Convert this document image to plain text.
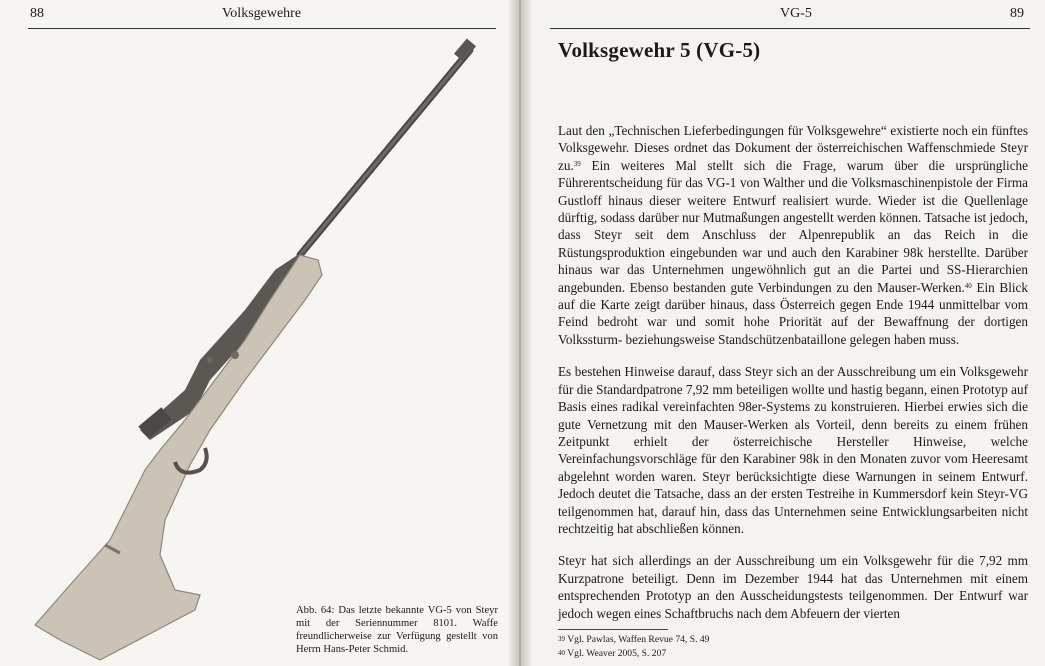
88	Volksgewehre
Abb. 64: Das letzte bekannte VG-5 von Steyr mit der Seriennummer 8101. Waffe freundlicherweise zur Verfügung gestellt von Herrn Hans-Peter Schmid.
VG-5	89
Volksgewehr 5 (VG-5)

Laut den „Technischen Lieferbedingungen für Volksgewehre“ existierte noch ein fünftes Volksgewehr. Dieses ordnet das Dokument der österreichischen Waffenschmiede Steyr zu.$^{39}$ Ein weiteres Mal stellt sich die Frage, warum über die ursprüngliche Führerentscheidung für das VG-1 von Walther und die Volksmaschinenpistole der Firma Gustloff hinaus dieser weitere Entwurf realisiert wurde. Wieder ist die Quellenlage dürftig, sodass darüber nur Mutmaßungen angestellt werden können. Tatsache ist jedoch, dass Steyr seit dem Anschluss der Alpenrepublik an das Reich in die Rüstungsproduktion eingebunden war und auch den Karabiner 98k herstellte. Darüber hinaus war das Unternehmen ungewöhnlich gut an die Partei und SS-Hierarchien angebunden. Ebenso bestanden gute Verbindungen zu den Mauser-Werken.$^{40}$ Ein Blick auf die Karte zeigt darüber hinaus, dass Österreich gegen Ende 1944 unmittelbar vom Feind bedroht war und somit hohe Priorität auf der Bewaffnung der dortigen Volkssturm- beziehungsweise Standschützenbataillone gelegen haben muss.

Es bestehen Hinweise darauf, dass Steyr sich an der Ausschreibung um ein Volksgewehr für die Standardpatrone 7,92 mm beteiligen wollte und hastig begann, einen Prototyp auf Basis eines radikal vereinfachten 98er-Systems zu konstruieren. Hierbei erwies sich die gute Vernetzung mit den Mauser-Werken als Vorteil, denn bereits zu einem frühen Zeitpunkt erhielt der österreichische Hersteller Hinweise, welche Vereinfachungsvorschläge für den Karabiner 98k in den Monaten zuvor vom Heeresamt abgelehnt worden waren. Steyr berücksichtigte diese Warnungen in seinem Entwurf. Jedoch deutet die Tatsache, dass an der ersten Testreihe in Kummersdorf kein Steyr-VG teilgenommen hat, darauf hin, dass das Unternehmen seine Entwicklungsarbeiten nicht rechtzeitig hat abschließen können.

Steyr hat sich allerdings an der Ausschreibung um ein Volksgewehr für die 7,92 mm Kurzpatrone beteiligt. Denn im Dezember 1944 hat das Unternehmen mit einem entsprechenden Prototyp an den Ausscheidungstests teilgenommen. Der Entwurf war jedoch wegen eines Schaftbruchs nach dem Abfeuern der vierten

$^{39}$ Vgl. Pawlas, Waffen Revue 74, S. 49
$^{40}$ Vgl. Weaver 2005, S. 207
